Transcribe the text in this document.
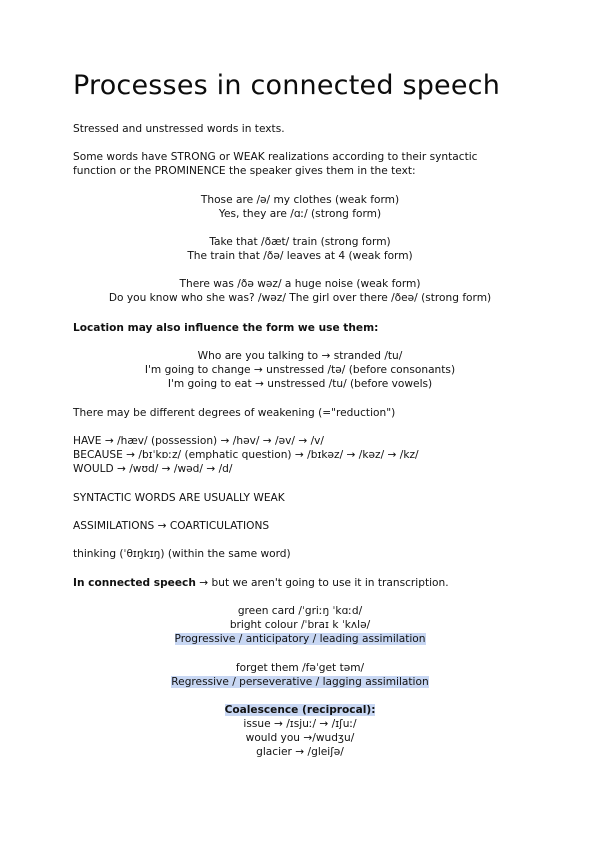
Processes in connected speech

Stressed and unstressed words in texts.

Some words have STRONG or WEAK realizations according to their syntactic

function or the PROMINENCE the speaker gives them in the text:

Those are /ə/ my clothes (weak form)

Yes, they are /ɑː/ (strong form)

Take that /ðæt/ train (strong form)

The train that /ðə/ leaves at 4 (weak form)

There was /ðə wəz/ a huge noise (weak form)

Do you know who she was? /wəz/ The girl over there /ðeə/ (strong form)

Location may also influence the form we use them:

Who are you talking to → stranded /tu/

I'm going to change → unstressed /tə/ (before consonants)

I'm going to eat → unstressed /tu/ (before vowels)

There may be different degrees of weakening (="reduction")

HAVE → /hæv/ (possession) → /həv/ → /əv/ → /v/

BECAUSE → /bɪˈkɒːz/ (emphatic question) → /bɪkəz/ → /kəz/ → /kz/

WOULD → /wʊd/ → /wəd/ → /d/

SYNTACTIC WORDS ARE USUALLY WEAK

ASSIMILATIONS → COARTICULATIONS

thinking (ˈθɪŋkɪŋ) (within the same word)

In connected speech → but we aren't going to use it in transcription.

green card /ˈgriːŋ ˈkɑːd/

bright colour /ˈbraɪ k ˈkʌlə/

Progressive / anticipatory / leading assimilation

forget them /fəˈget təm/

Regressive / perseverative / lagging assimilation

Coalescence (reciprocal):

issue → /ɪsjuː/ → /ɪʃuː/

would you →/wudʒu/

glacier → /gleiʃə/
